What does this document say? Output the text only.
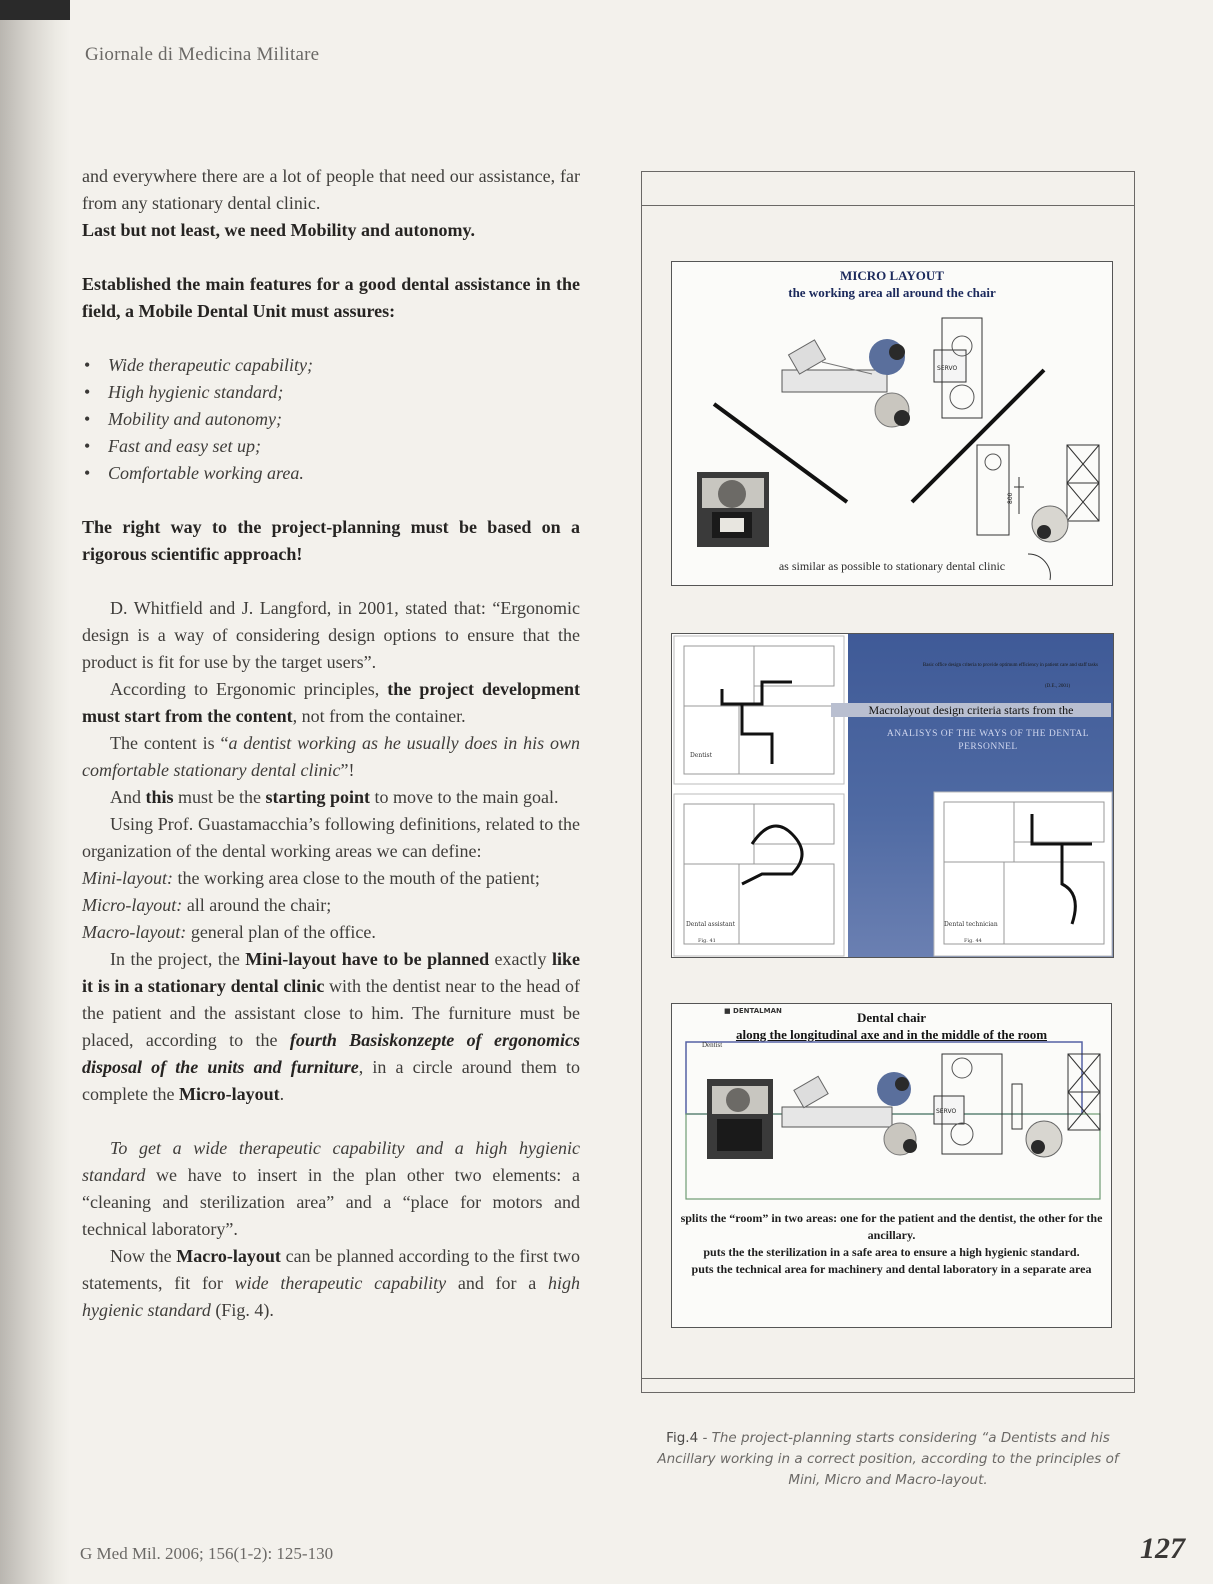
Giornale di Medicina Militare

and everywhere there are a lot of people that need our assistance, far from any stationary dental clinic.
Last but not least, we need Mobility and autonomy.

Established the main features for a good dental assistance in the field, a Mobile Dental Unit must assures:

• Wide therapeutic capability;
• High hygienic standard;
• Mobility and autonomy;
• Fast and easy set up;
• Comfortable working area.

The right way to the project-planning must be based on a rigorous scientific approach!

D. Whitfield and J. Langford, in 2001, stated that: “Ergonomic design is a way of considering design options to ensure that the product is fit for use by the target users”.

According to Ergonomic principles, the project development must start from the content, not from the container.

The content is “a dentist working as he usually does in his own comfortable stationary dental clinic”!

And this must be the starting point to move to the main goal.

Using Prof. Guastamacchia’s following definitions, related to the organization of the dental working areas we can define:

Mini-layout: the working area close to the mouth of the patient;

Micro-layout: all around the chair;

Macro-layout: general plan of the office.

In the project, the Mini-layout have to be planned exactly like it is in a stationary dental clinic with the dentist near to the head of the patient and the assistant close to him. The furniture must be placed, according to the fourth Basiskonzepte of ergonomics disposal of the units and furniture, in a circle around them to complete the Micro-layout.

To get a wide therapeutic capability and a high hygienic standard we have to insert in the plan other two elements: a “cleaning and sterilization area” and a “place for motors and technical laboratory”.

Now the Macro-layout can be planned according to the first two statements, fit for wide therapeutic capability and for a high hygienic standard (Fig. 4).

MICRO LAYOUT
the working area all around the chair
SERVO
800
as similar as possible to stationary dental clinic
Dentist
Dental assistant
Fig. 41
Dental technician
Fig. 44
Basic office design criteria to provide optimum efficiency in patient care and staff tasks
(D.E., 2001)
Macrolayout design criteria starts from the
ANALISYS OF THE WAYS OF THE DENTAL PERSONNEL
■ DENTALMAN	Dental chair
along the longitudinal axe and in the middle of the room
SERVO
Dentist
splits the “room” in two areas: one for the patient and the dentist, the other for the ancillary.
puts the the sterilization in a safe area to ensure a high hygienic standard.
puts the technical area for machinery and dental laboratory in a separate area
Fig.4 - The project-planning starts considering “a Dentists and his Ancillary working in a correct position, according to the principles of Mini, Micro and Macro-layout.
G Med Mil. 2006; 156(1-2): 125-130	127
